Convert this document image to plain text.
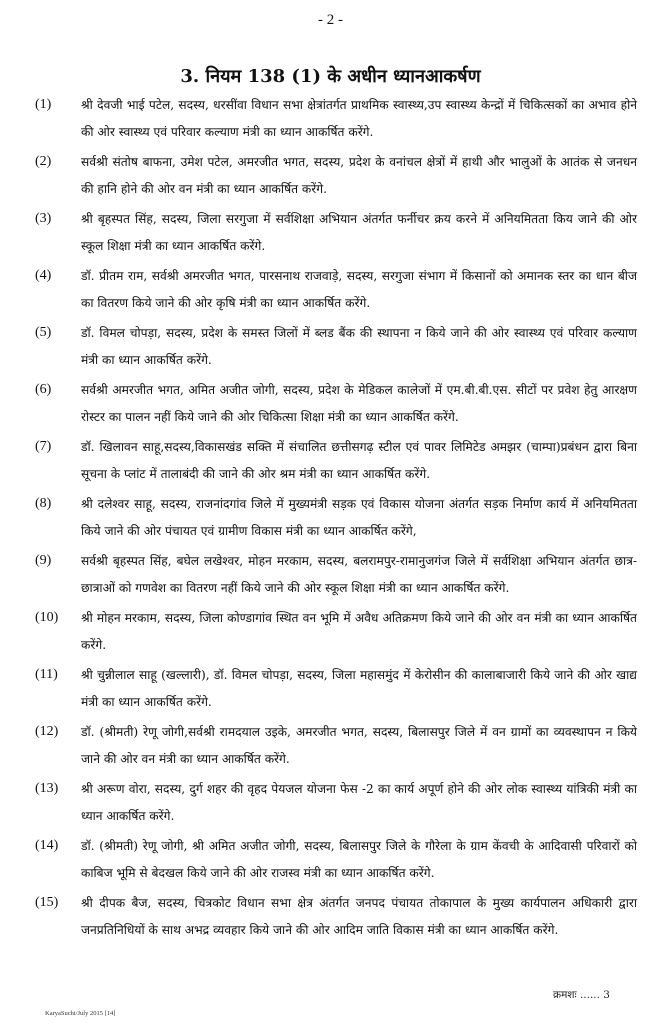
- 2 -
3. नियम 138 (1) के अधीन ध्यानआकर्षण
(1)	श्री देवजी भाई पटेल, सदस्य, धरसींवा विधान सभा क्षेत्रांतर्गत प्राथमिक स्वास्थ्य,उप स्वास्थ्य केन्द्रों में चिकित्सकों का अभाव होने की ओर स्वास्थ्य एवं परिवार कल्याण मंत्री का ध्यान आकर्षित करेंगे.
(2)	सर्वश्री संतोष बाफना, उमेश पटेल, अमरजीत भगत, सदस्य, प्रदेश के वनांचल क्षेत्रों में हाथी और भालुओं के आतंक से जनधन की हानि होने की ओर वन मंत्री का ध्यान आकर्षित करेंगे.
(3)	श्री बृहस्पत सिंह, सदस्य, जिला सरगुजा में सर्वशिक्षा अभियान अंतर्गत फर्नीचर क्रय करने में अनियमितता किय जाने की ओर स्कूल शिक्षा मंत्री का ध्यान आकर्षित करेंगे.
(4)	डॉ. प्रीतम राम, सर्वश्री अमरजीत भगत, पारसनाथ राजवाड़े, सदस्य, सरगुजा संभाग में किसानों को अमानक स्तर का धान बीज का वितरण किये जाने की ओर कृषि मंत्री का ध्यान आकर्षित करेंगे.
(5)	डॉ. विमल चोपड़ा, सदस्य, प्रदेश के समस्त जिलों में ब्लड बैंक की स्थापना न किये जाने की ओर स्वास्थ्य एवं परिवार कल्याण मंत्री का ध्यान आकर्षित करेंगे.
(6)	सर्वश्री अमरजीत भगत, अमित अजीत जोगी, सदस्य, प्रदेश के मेडिकल कालेजों में एम.बी.बी.एस. सीटों पर प्रवेश हेतु आरक्षण रोस्टर का पालन नहीं किये जाने की ओर चिकित्सा शिक्षा मंत्री का ध्यान आकर्षित करेंगे.
(7)	डॉ. खिलावन साहू,सदस्य,विकासखंड सक्ति में संचालित छत्तीसगढ़ स्टील एवं पावर लिमिटेड अमझर (चाम्पा)प्रबंधन द्वारा बिना सूचना के प्लांट में तालाबंदी की जाने की ओर श्रम मंत्री का ध्यान आकर्षित करेंगे.
(8)	श्री दलेश्वर साहू, सदस्य, राजनांदगांव जिले में मुख्यमंत्री सड़क एवं विकास योजना अंतर्गत सड़क निर्माण कार्य में अनियमितता किये जाने की ओर पंचायत एवं ग्रामीण विकास मंत्री का ध्यान आकर्षित करेंगे,
(9)	सर्वश्री बृहस्पत सिंह, बघेल लखेश्वर, मोहन मरकाम, सदस्य, बलरामपुर-रामानुजगंज जिले में सर्वशिक्षा अभियान अंतर्गत छात्र-छात्राओं को गणवेश का वितरण नहीं किये जाने की ओर स्कूल शिक्षा मंत्री का ध्यान आकर्षित करेंगे.
(10)	श्री मोहन मरकाम, सदस्य, जिला कोण्डागांव स्थित वन भूमि में अवैध अतिक्रमण किये जाने की ओर वन मंत्री का ध्यान आकर्षित करेंगे.
(11)	श्री चुन्नीलाल साहू (खल्लारी), डॉ. विमल चोपड़ा, सदस्य, जिला महासमुंद में केरोसीन की कालाबाजारी किये जाने की ओर खाद्य मंत्री का ध्यान आकर्षित करेंगे.
(12)	डॉ. (श्रीमती) रेणू जोगी,सर्वश्री रामदयाल उइके, अमरजीत भगत, सदस्य, बिलासपुर जिले में वन ग्रामों का व्यवस्थापन न किये जाने की ओर वन मंत्री का ध्यान आकर्षित करेंगे.
(13)	श्री अरूण वोरा, सदस्य, दुर्ग शहर की वृहद पेयजल योजना फेस -2 का कार्य अपूर्ण होने की ओर लोक स्वास्थ्य यांत्रिकी मंत्री का ध्यान आकर्षित करेंगे.
(14)	डॉ. (श्रीमती) रेणू जोगी, श्री अमित अजीत जोगी, सदस्य, बिलासपुर जिले के गौरेला के ग्राम केंवची के आदिवासी परिवारों को काबिज भूमि से बेदखल किये जाने की ओर राजस्व मंत्री का ध्यान आकर्षित करेंगे.
(15)	श्री दीपक बैज, सदस्य, चित्रकोट विधान सभा क्षेत्र अंतर्गत जनपद पंचायत तोकापाल के मुख्य कार्यपालन अधिकारी द्वारा जनप्रतिनिधियों के साथ अभद्र व्यवहार किये जाने की ओर आदिम जाति विकास मंत्री का ध्यान आकर्षित करेंगे.
क्रमशः ...... 3
KaryaSuchi/July 2015 [14]
